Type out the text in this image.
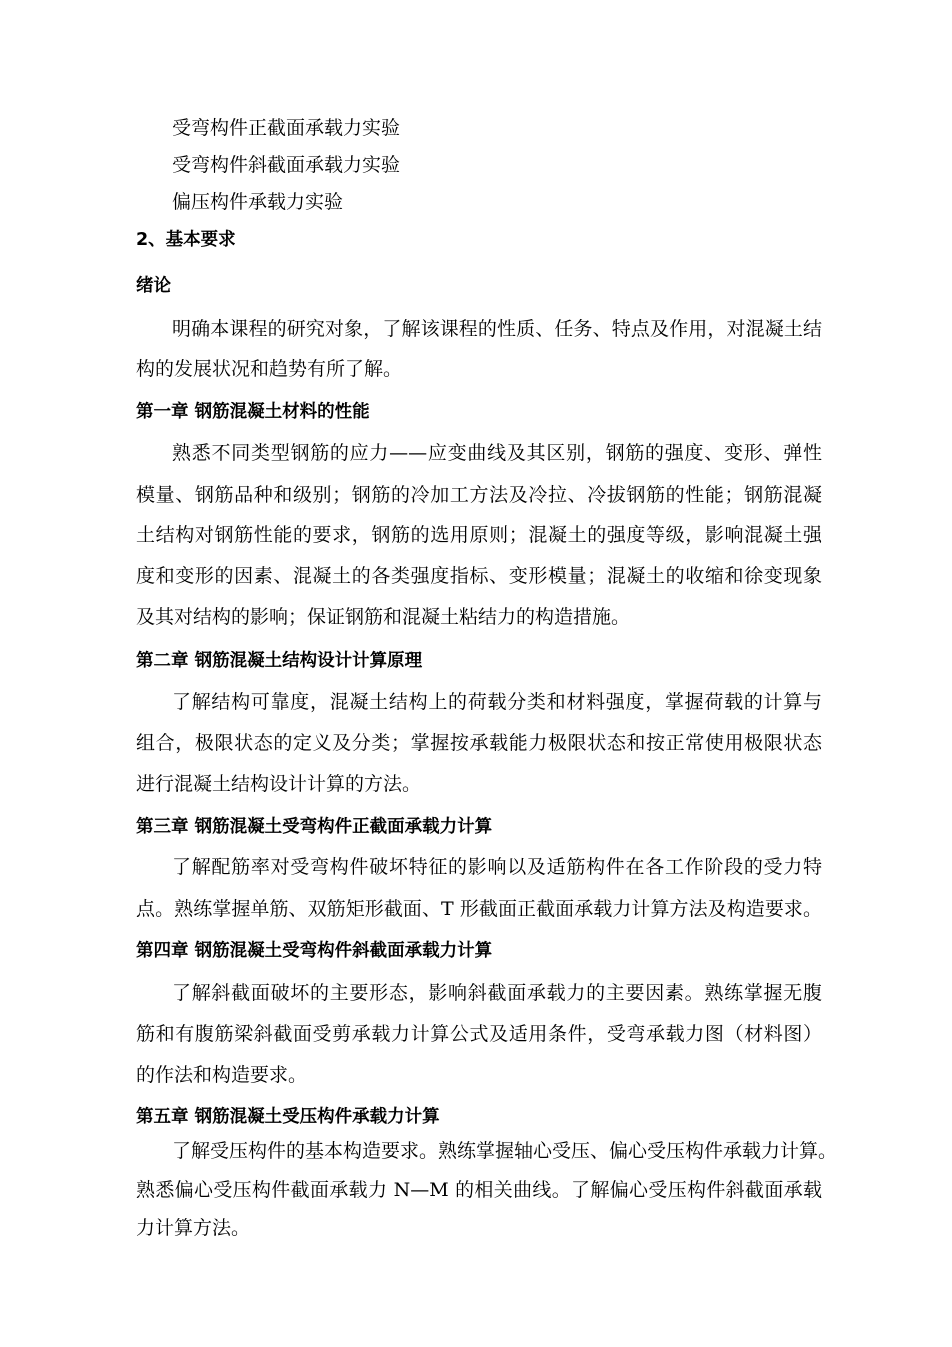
受弯构件正截面承载力实验
受弯构件斜截面承载力实验
偏压构件承载力实验
2、基本要求
绪论
明确本课程的研究对象，了解该课程的性质、任务、特点及作用，对混凝土结
构的发展状况和趋势有所了解。
第一章 钢筋混凝土材料的性能
熟悉不同类型钢筋的应力——应变曲线及其区别，钢筋的强度、变形、弹性
模量、钢筋品种和级别；钢筋的冷加工方法及冷拉、冷拔钢筋的性能；钢筋混凝
土结构对钢筋性能的要求，钢筋的选用原则；混凝土的强度等级，影响混凝土强
度和变形的因素、混凝土的各类强度指标、变形模量；混凝土的收缩和徐变现象
及其对结构的影响；保证钢筋和混凝土粘结力的构造措施。
第二章 钢筋混凝土结构设计计算原理
了解结构可靠度，混凝土结构上的荷载分类和材料强度，掌握荷载的计算与
组合，极限状态的定义及分类；掌握按承载能力极限状态和按正常使用极限状态
进行混凝土结构设计计算的方法。
第三章 钢筋混凝土受弯构件正截面承载力计算
了解配筋率对受弯构件破坏特征的影响以及适筋构件在各工作阶段的受力特
点。熟练掌握单筋、双筋矩形截面、T 形截面正截面承载力计算方法及构造要求。
第四章 钢筋混凝土受弯构件斜截面承载力计算
了解斜截面破坏的主要形态，影响斜截面承载力的主要因素。熟练掌握无腹
筋和有腹筋梁斜截面受剪承载力计算公式及适用条件，受弯承载力图（材料图）
的作法和构造要求。
第五章 钢筋混凝土受压构件承载力计算
了解受压构件的基本构造要求。熟练掌握轴心受压、偏心受压构件承载力计算。
熟悉偏心受压构件截面承载力 N—M 的相关曲线。了解偏心受压构件斜截面承载
力计算方法。
